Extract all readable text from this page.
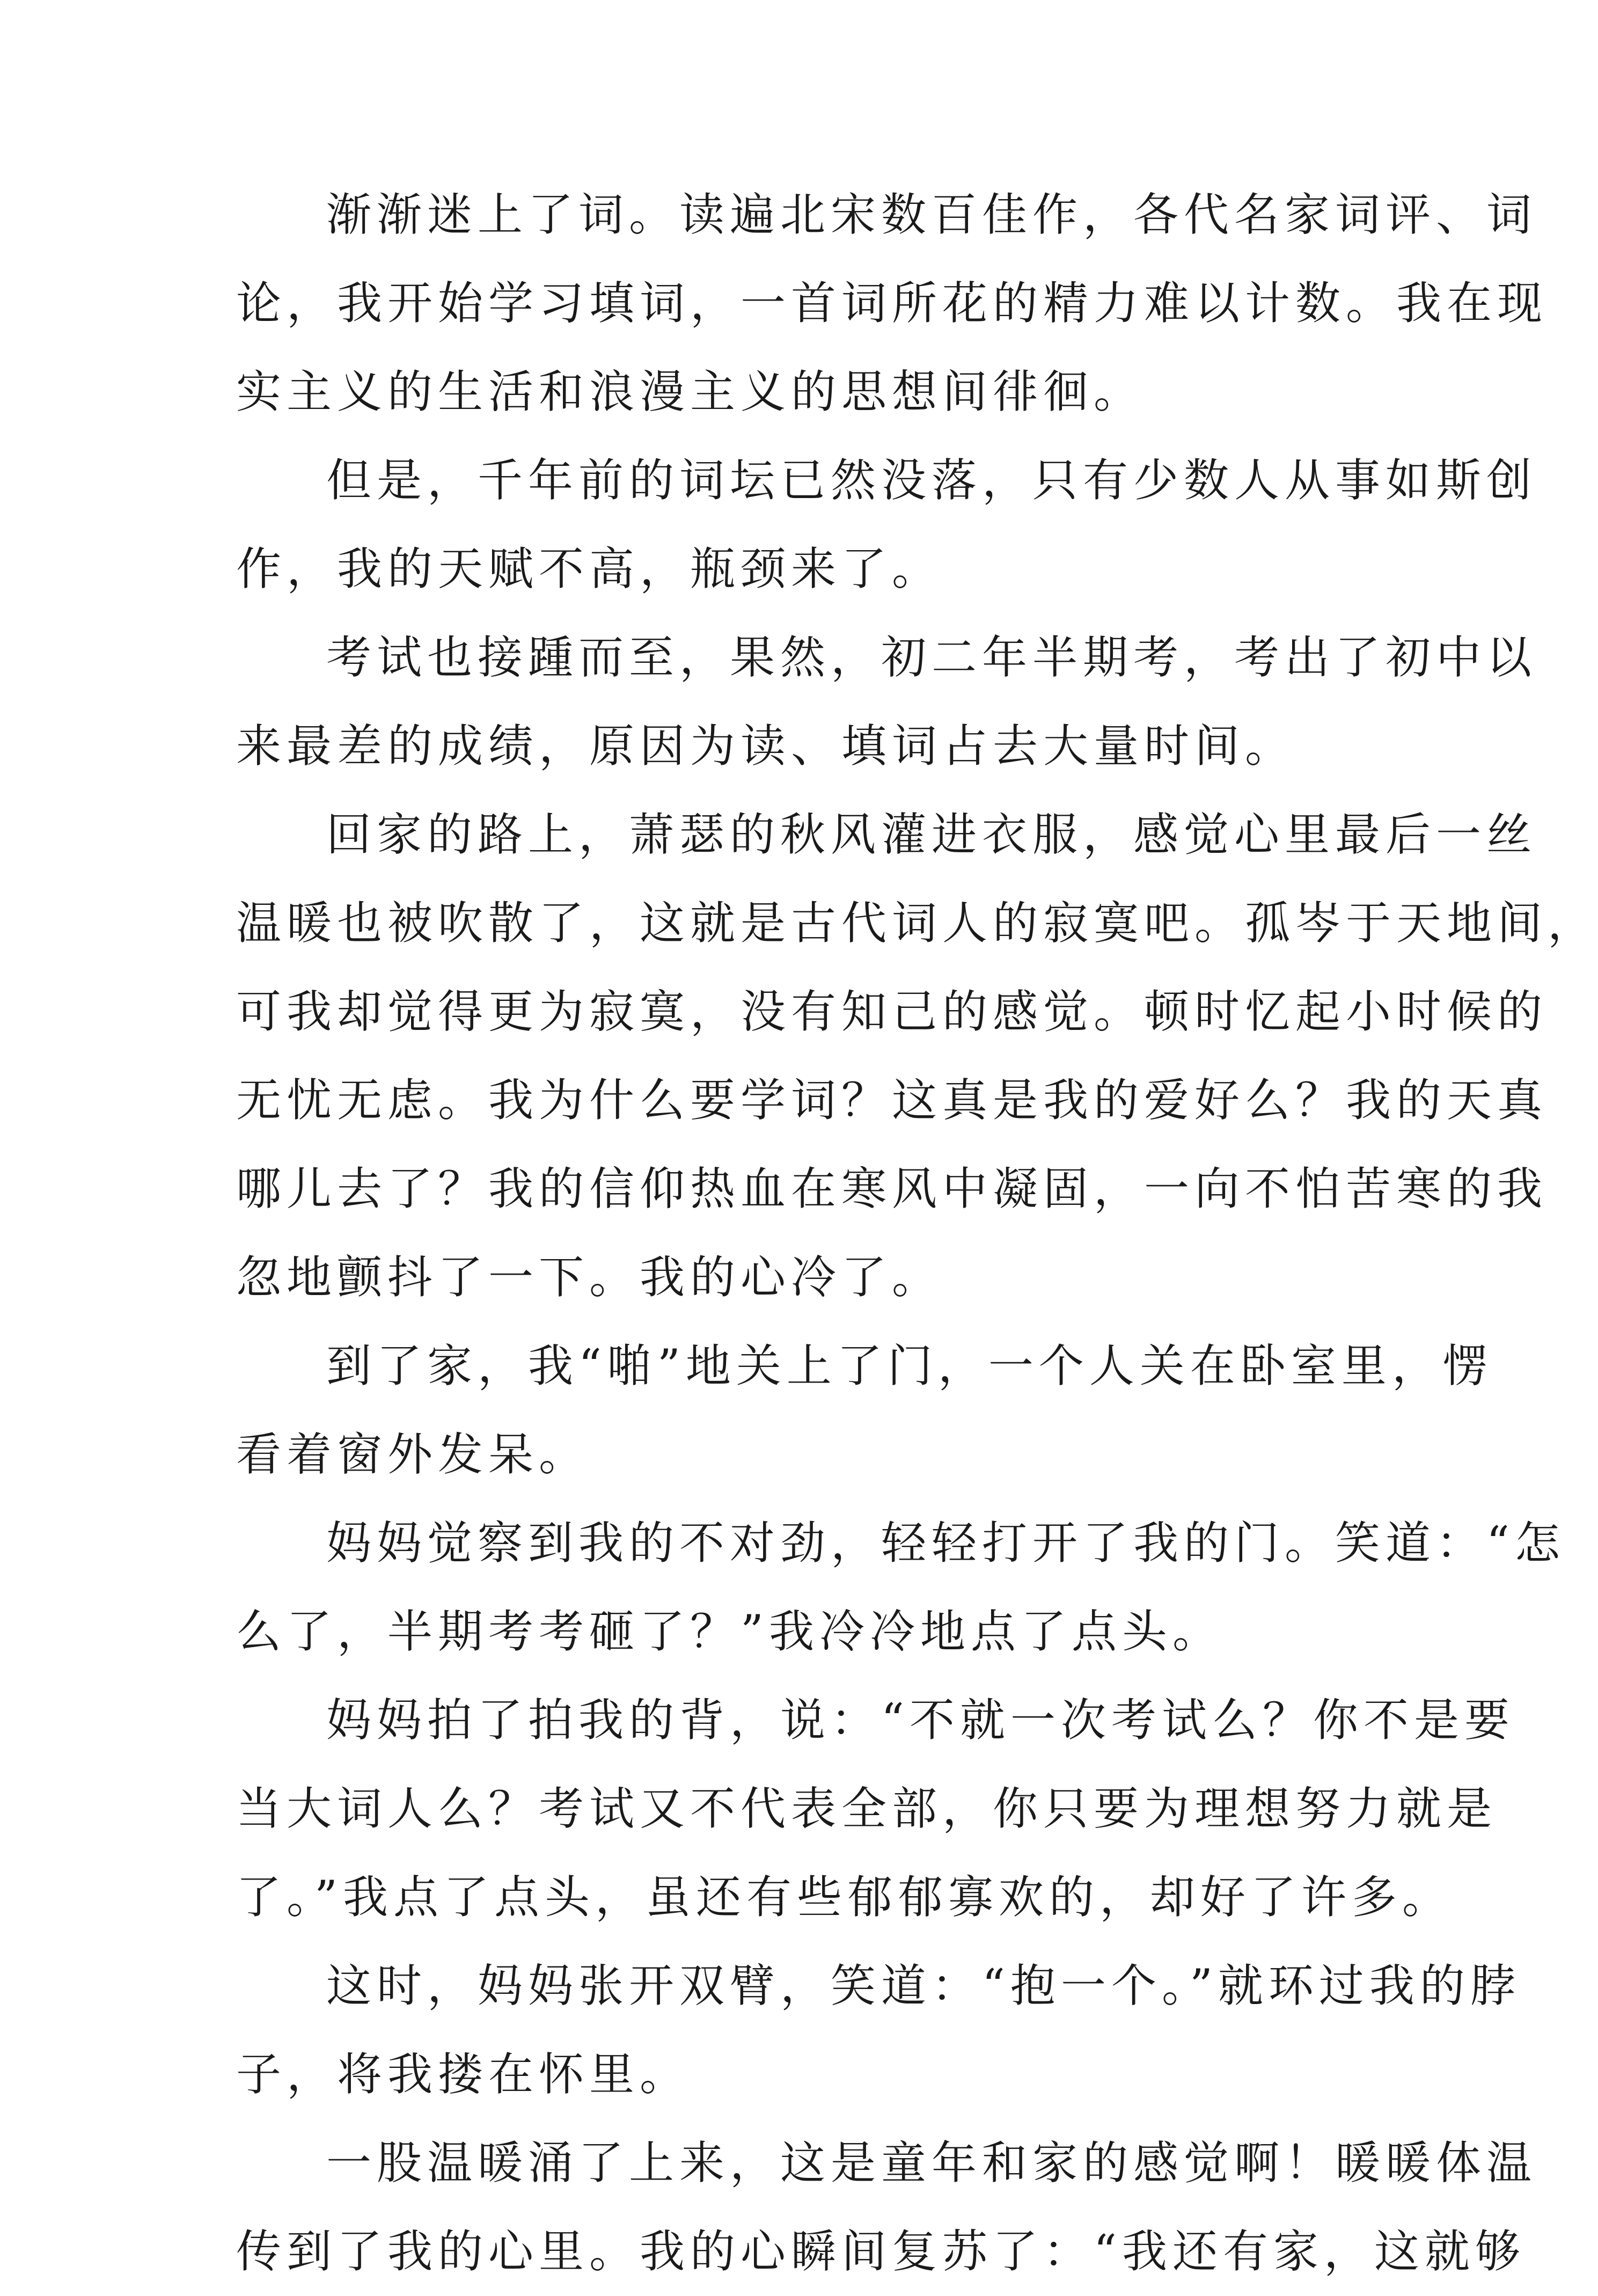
渐渐迷上了词。读遍北宋数百佳作，各代名家词评、词
论，我开始学习填词，一首词所花的精力难以计数。我在现
实主义的生活和浪漫主义的思想间徘徊。
但是，千年前的词坛已然没落，只有少数人从事如斯创
作，我的天赋不高，瓶颈来了。
考试也接踵而至，果然，初二年半期考，考出了初中以
来最差的成绩，原因为读、填词占去大量时间。
回家的路上，萧瑟的秋风灌进衣服，感觉心里最后一丝
温暖也被吹散了，这就是古代词人的寂寞吧。孤岑于天地间，
可我却觉得更为寂寞，没有知己的感觉。顿时忆起小时候的
无忧无虑。我为什么要学词？这真是我的爱好么？我的天真
哪儿去了？我的信仰热血在寒风中凝固，一向不怕苦寒的我
忽地颤抖了一下。我的心冷了。
到了家，我“啪”地关上了门，一个人关在卧室里，愣
看着窗外发呆。
妈妈觉察到我的不对劲，轻轻打开了我的门。笑道：“怎
么了，半期考考砸了？”我冷冷地点了点头。
妈妈拍了拍我的背，说：“不就一次考试么？你不是要
当大词人么？考试又不代表全部，你只要为理想努力就是
了。”我点了点头，虽还有些郁郁寡欢的，却好了许多。
这时，妈妈张开双臂，笑道：“抱一个。”就环过我的脖
子，将我搂在怀里。
一股温暖涌了上来，这是童年和家的感觉啊！暖暖体温
传到了我的心里。我的心瞬间复苏了：“我还有家，这就够
